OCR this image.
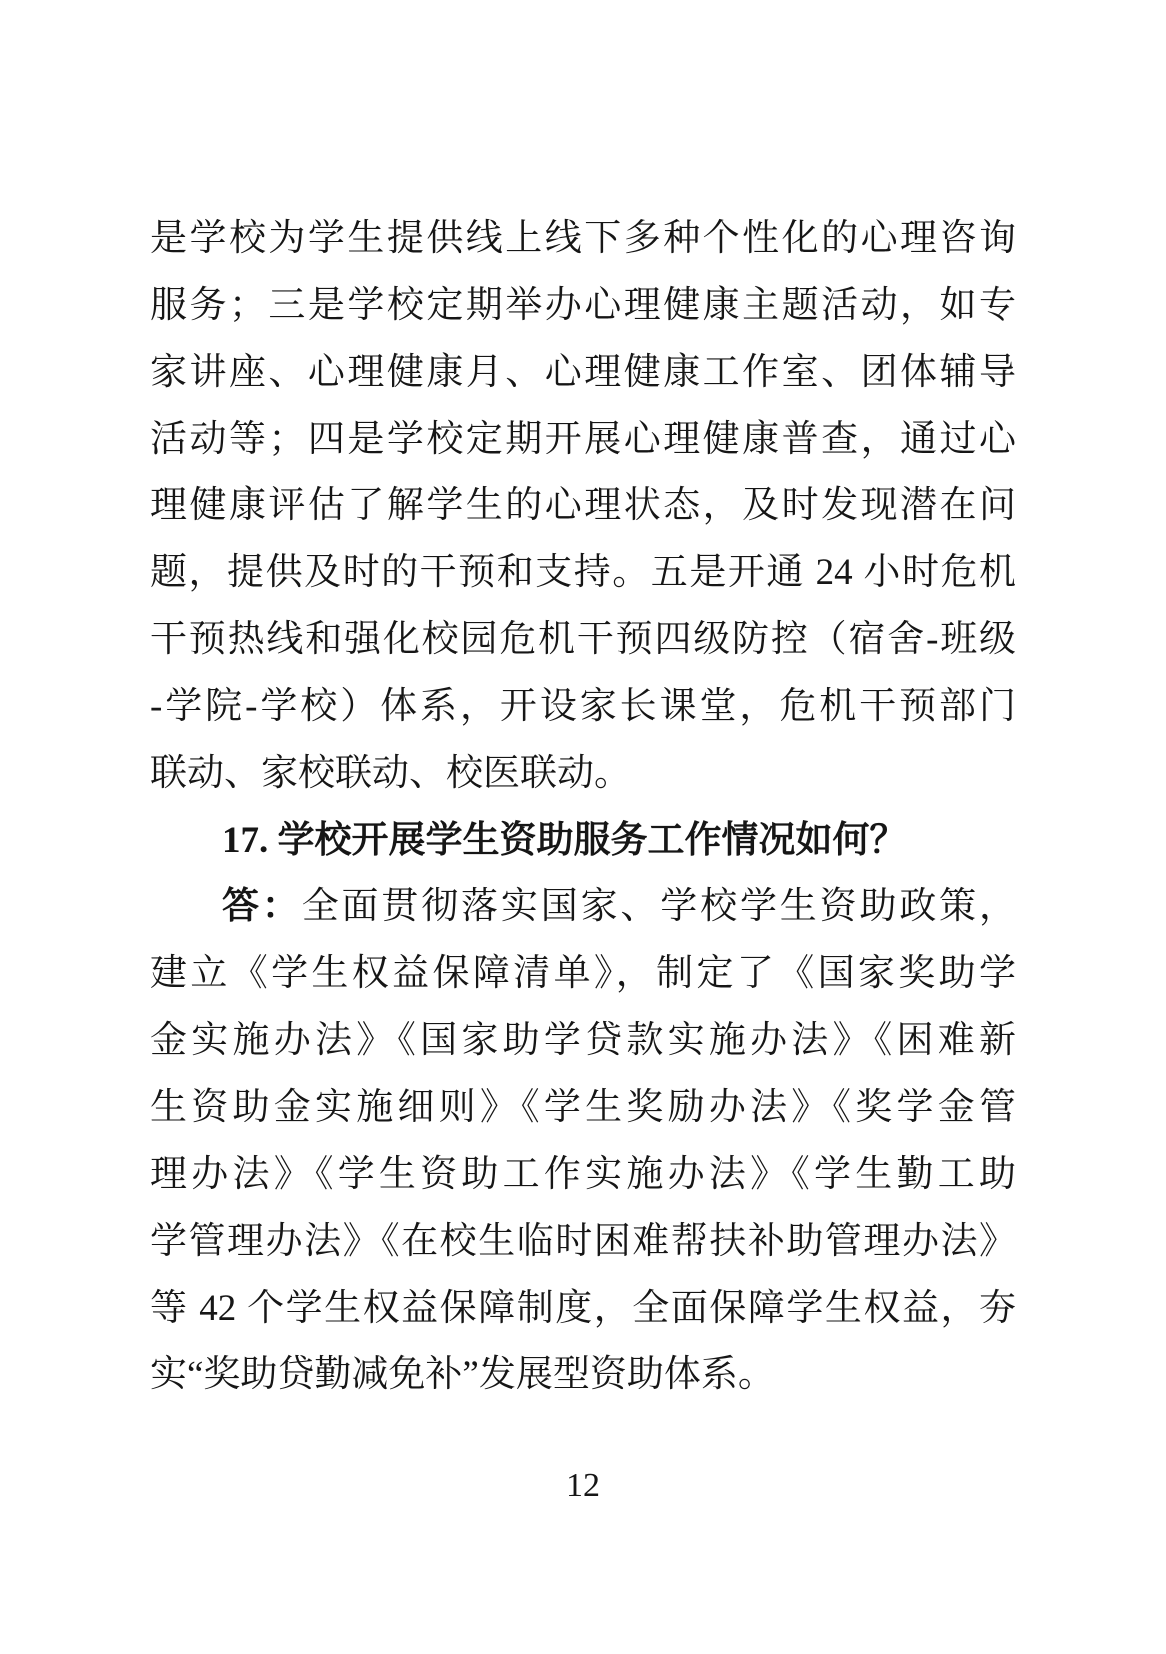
是学校为学生提供线上线下多种个性化的心理咨询
服务；三是学校定期举办心理健康主题活动，如专
家讲座、心理健康月、心理健康工作室、团体辅导
活动等；四是学校定期开展心理健康普查，通过心
理健康评估了解学生的心理状态，及时发现潜在问
题，提供及时的干预和支持。五是开通 24 小时危机
干预热线和强化校园危机干预四级防控（宿舍-班级
-学院-学校）体系，开设家长课堂，危机干预部门
联动、家校联动、校医联动。
17. 学校开展学生资助服务工作情况如何？
答：全面贯彻落实国家、学校学生资助政策，
建立《学生权益保障清单》，制定了《国家奖助学
金实施办法》《国家助学贷款实施办法》《困难新
生资助金实施细则》《学生奖励办法》《奖学金管
理办法》《学生资助工作实施办法》《学生勤工助
学管理办法》《在校生临时困难帮扶补助管理办法》
等 42 个学生权益保障制度，全面保障学生权益，夯
实“奖助贷勤减免补”发展型资助体系。
12
